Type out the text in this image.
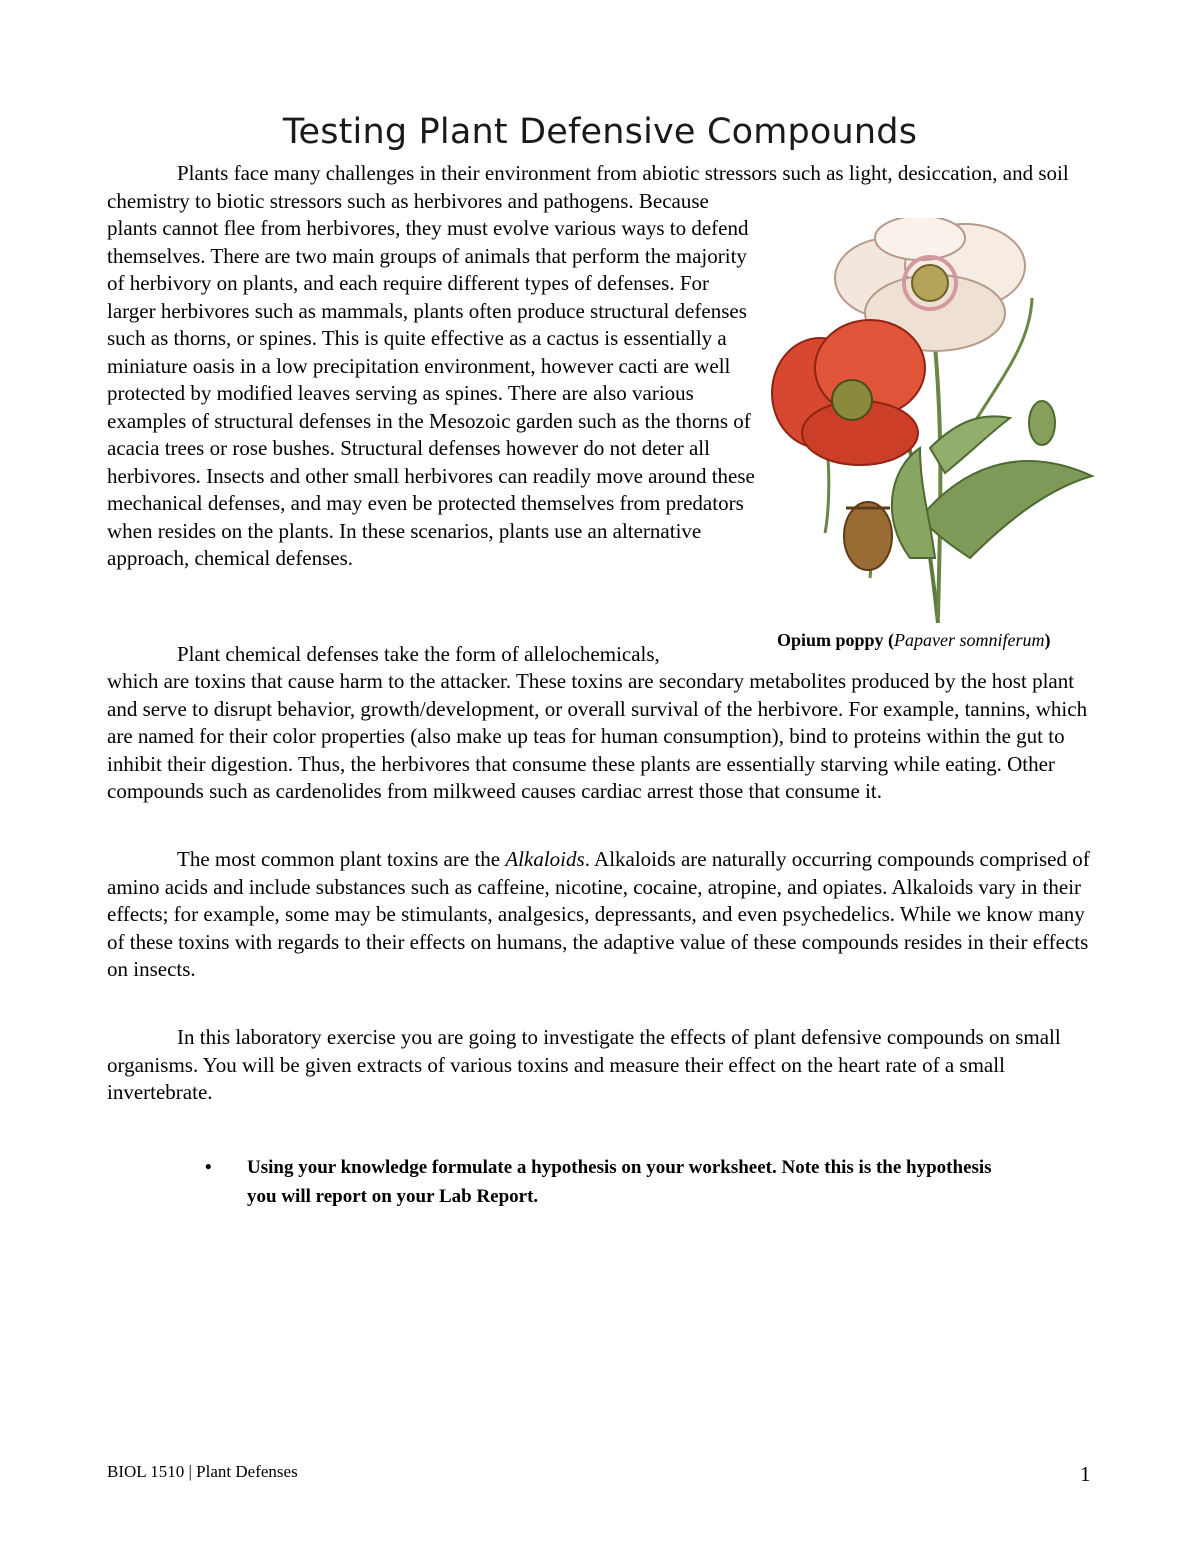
Testing Plant Defensive Compounds
Plants face many challenges in their environment from abiotic stressors such as light, desiccation, and soil chemistry to biotic stressors such as herbivores and pathogens. Because
plants cannot flee from herbivores, they must evolve various ways to defend themselves. There are two main groups of animals that perform the majority of herbivory on plants, and each require different types of defenses. For larger herbivores such as mammals, plants often produce structural defenses such as thorns, or spines. This is quite effective as a cactus is essentially a miniature oasis in a low precipitation environment, however cacti are well protected by modified leaves serving as spines. There are also various examples of structural defenses in the Mesozoic garden such as the thorns of acacia trees or rose bushes. Structural defenses however do not deter all herbivores. Insects and other small herbivores can readily move around these mechanical defenses, and may even be protected themselves from predators when resides on the plants. In these scenarios, plants use an alternative approach, chemical defenses.
Opium poppy (Papaver somniferum)
Plant chemical defenses take the form of allelochemicals,
which are toxins that cause harm to the attacker. These toxins are secondary metabolites produced by the host plant and serve to disrupt behavior, growth/development, or overall survival of the herbivore. For example, tannins, which are named for their color properties (also make up teas for human consumption), bind to proteins within the gut to inhibit their digestion. Thus, the herbivores that consume these plants are essentially starving while eating. Other compounds such as cardenolides from milkweed causes cardiac arrest those that consume it.
The most common plant toxins are the Alkaloids. Alkaloids are naturally occurring compounds comprised of amino acids and include substances such as caffeine, nicotine, cocaine, atropine, and opiates. Alkaloids vary in their effects; for example, some may be stimulants, analgesics, depressants, and even psychedelics. While we know many of these toxins with regards to their effects on humans, the adaptive value of these compounds resides in their effects on insects.
In this laboratory exercise you are going to investigate the effects of plant defensive compounds on small organisms. You will be given extracts of various toxins and measure their effect on the heart rate of a small invertebrate.
• Using your knowledge formulate a hypothesis on your worksheet. Note this is the hypothesis you will report on your Lab Report.
BIOL 1510 | Plant Defenses	1
